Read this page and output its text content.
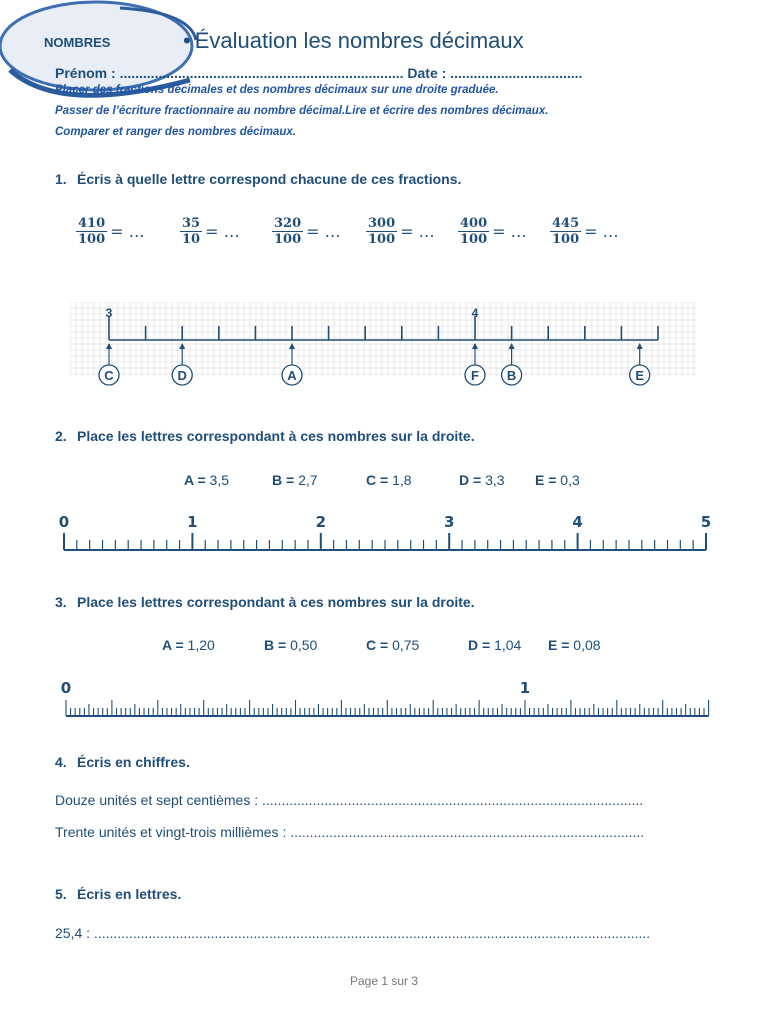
NOMBRES	• Évaluation les nombres décimaux
Prénom : ......................................................................... Date : ..................................
Placer des fractions décimales et des nombres décimaux sur une droite graduée.
Passer de l’écriture fractionnaire au nombre décimal.Lire et écrire des nombres décimaux.
Comparer et ranger des nombres décimaux.
1. Écris à quelle lettre correspond chacune de ces fractions.
$\frac{410}{100}$ = …	$\frac{35}{10}$ = … $\frac{320}{100}$ = … $\frac{300}{100}$ = … $\frac{400}{100}$ = … $\frac{445}{100}$ = …
3	4
C	D	A	F B	E
2. Place les lettres correspondant à ces nombres sur la droite.
A = 3,5	B = 2,7	C = 1,8	D = 3,3 E = 0,3
0	1	2	3	4	5
3. Place les lettres correspondant à ces nombres sur la droite.
A = 1,20	B = 0,50	C = 0,75	D = 1,04 E = 0,08
0	1
4. Écris en chiffres.
Douze unités et sept centièmes : ..................................................................................................
Trente unités et vingt-trois millièmes : ...........................................................................................
5. Écris en lettres.
25,4 : ...............................................................................................................................................
Page 1 sur 3
